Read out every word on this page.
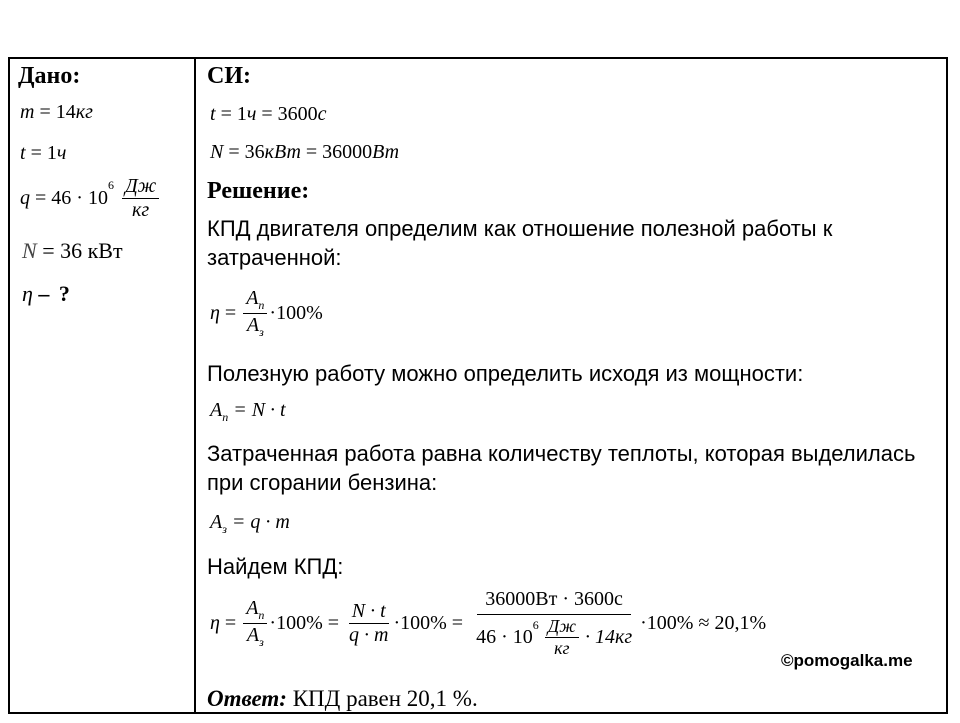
Дано:
m = 14кг
t = 1ч
q = 46 · 10
$^6 \frac{Дж}{кг}$
N = 36 кВт
η – ?
СИ:
t = 1ч = 3600с
N = 36кВт = 36000Вт
Решение:
КПД двигателя определим как отношение полезной работы к затраченной:
$\eta = \frac{A_п}{A_з} \cdot 100\%$
Полезную работу можно определить исходя из мощности:
$A_п = N \cdot t$
Затраченная работа равна количеству теплоты, которая выделилась при сгорании бензина:
$A_з = q \cdot m$
Найдем КПД:
$\eta = \frac{A_п}{A_з} \cdot 100\% = \frac{N \cdot t}{q \cdot m} \cdot 100\% = 36000Вт \cdot 3600с$
46 · 10
$^6 \frac{Дж}{кг} \cdot 14кг \cdot 100\% \approx 20,1\%$
©pomogalka.me
Ответ: КПД равен 20,1 %.
